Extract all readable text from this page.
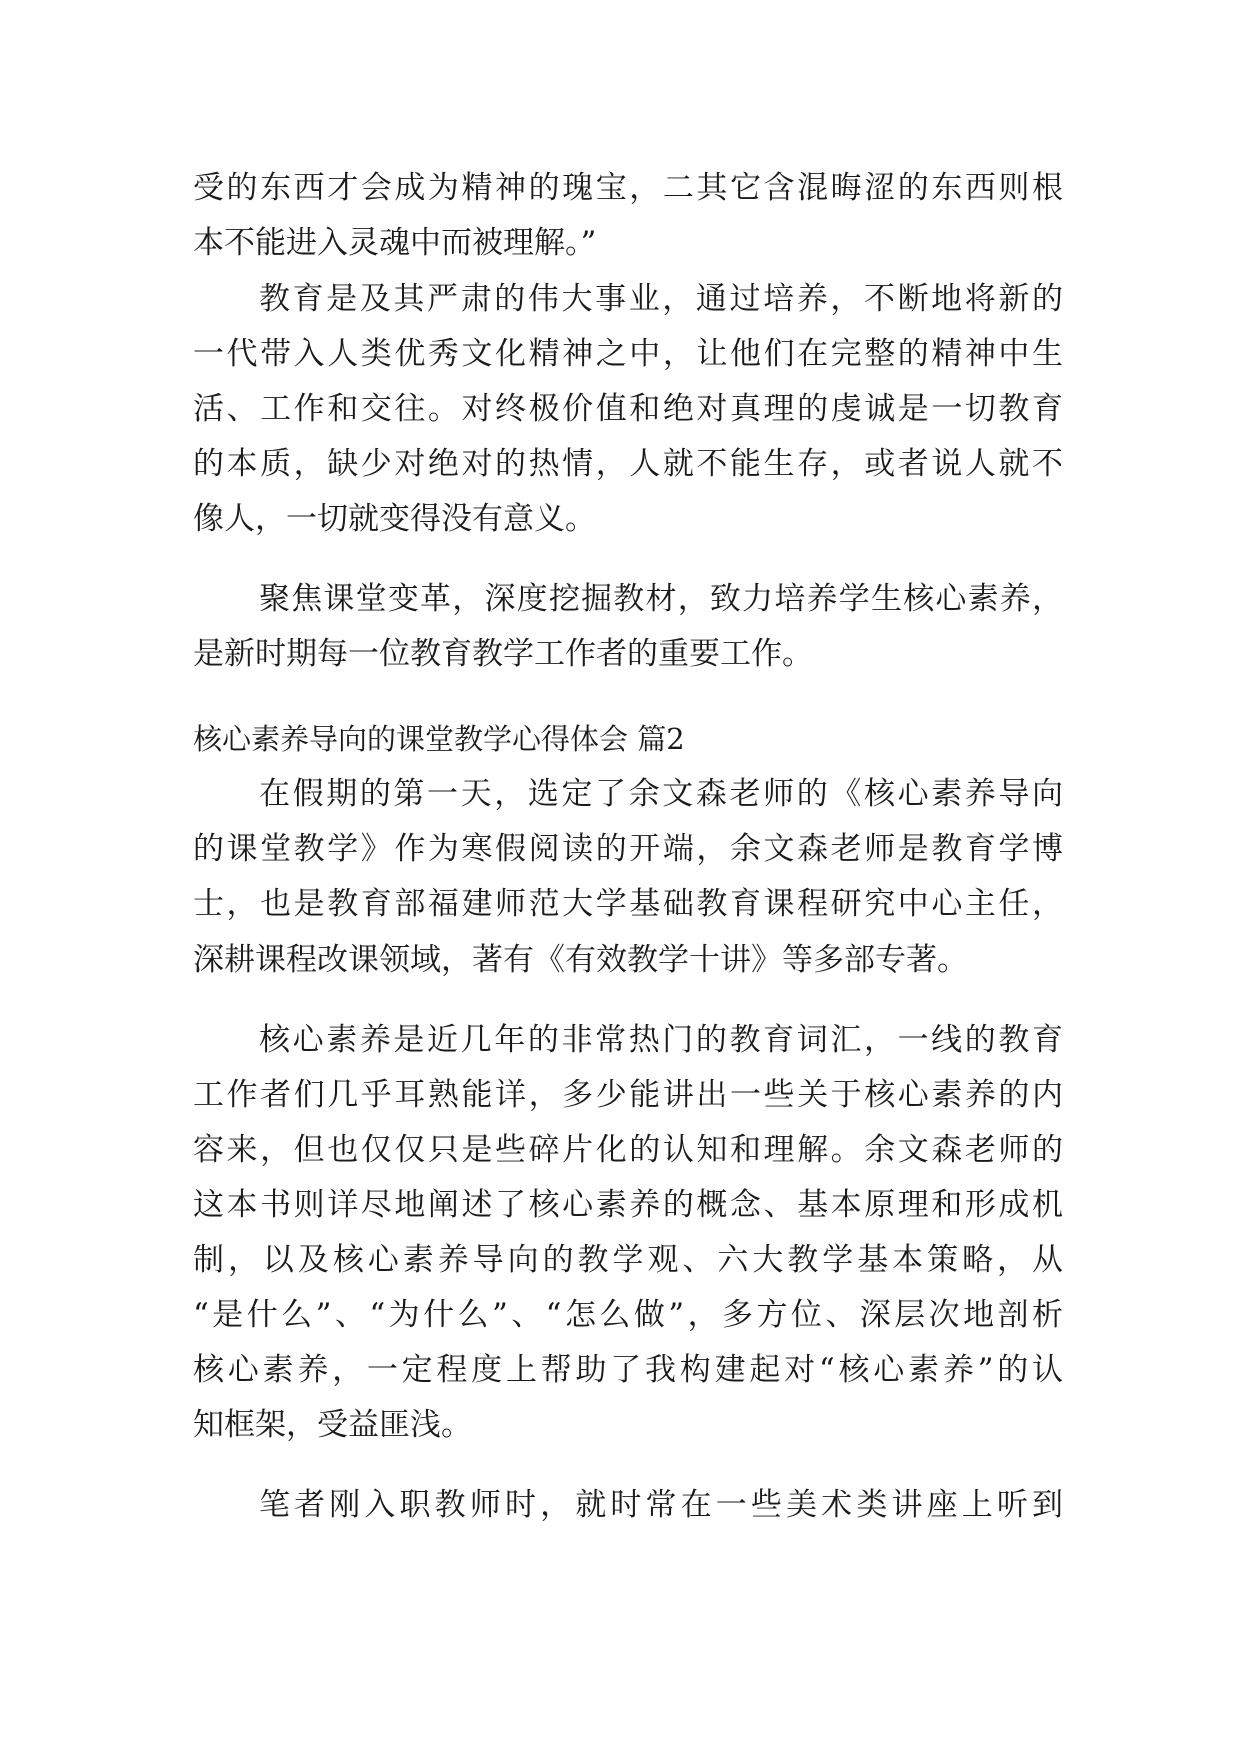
受的东西才会成为精神的瑰宝，二其它含混晦涩的东西则根
本不能进入灵魂中而被理解。”
教育是及其严肃的伟大事业，通过培养，不断地将新的
一代带入人类优秀文化精神之中，让他们在完整的精神中生
活、工作和交往。对终极价值和绝对真理的虔诚是一切教育
的本质，缺少对绝对的热情，人就不能生存，或者说人就不
像人，一切就变得没有意义。
聚焦课堂变革，深度挖掘教材，致力培养学生核心素养，
是新时期每一位教育教学工作者的重要工作。
核心素养导向的课堂教学心得体会 篇2
在假期的第一天，选定了余文森老师的《核心素养导向
的课堂教学》作为寒假阅读的开端，余文森老师是教育学博
士，也是教育部福建师范大学基础教育课程研究中心主任，
深耕课程改课领域，著有《有效教学十讲》等多部专著。
核心素养是近几年的非常热门的教育词汇，一线的教育
工作者们几乎耳熟能详，多少能讲出一些关于核心素养的内
容来，但也仅仅只是些碎片化的认知和理解。余文森老师的
这本书则详尽地阐述了核心素养的概念、基本原理和形成机
制，以及核心素养导向的教学观、六大教学基本策略，从
“是什么”、“为什么”、“怎么做”，多方位、深层次地剖析
核心素养，一定程度上帮助了我构建起对“核心素养”的认
知框架，受益匪浅。
笔者刚入职教师时，就时常在一些美术类讲座上听到
